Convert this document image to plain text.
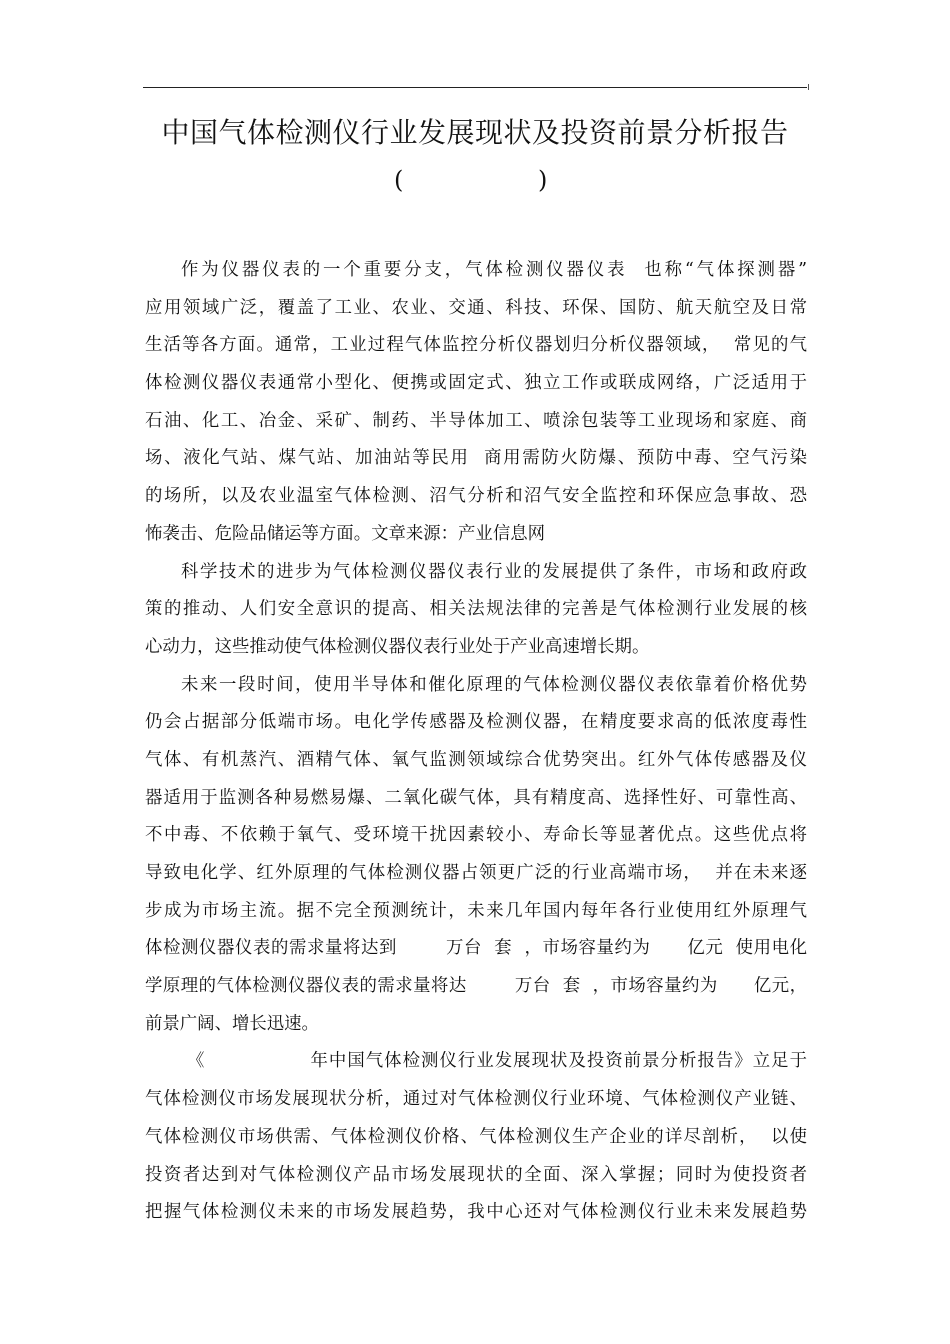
中国气体检测仪行业发展现状及投资前景分析报告
(	)
作为仪器仪表的一个重要分支，气体检测仪器仪表  也称“气体探测器”
应用领域广泛，覆盖了工业、农业、交通、科技、环保、国防、航天航空及日常
生活等各方面。通常，工业过程气体监控分析仪器划归分析仪器领域，  常见的气
体检测仪器仪表通常小型化、便携或固定式、独立工作或联成网络，广泛适用于
石油、化工、冶金、采矿、制药、半导体加工、喷涂包装等工业现场和家庭、商
场、液化气站、煤气站、加油站等民用  商用需防火防爆、预防中毒、空气污染
的场所，以及农业温室气体检测、沼气分析和沼气安全监控和环保应急事故、恐
怖袭击、危险品储运等方面。文章来源：产业信息网
科学技术的进步为气体检测仪器仪表行业的发展提供了条件，市场和政府政
策的推动、人们安全意识的提高、相关法规法律的完善是气体检测行业发展的核
心动力，这些推动使气体检测仪器仪表行业处于产业高速增长期。
未来一段时间，使用半导体和催化原理的气体检测仪器仪表依靠着价格优势
仍会占据部分低端市场。电化学传感器及检测仪器，在精度要求高的低浓度毒性
气体、有机蒸汽、酒精气体、氧气监测领域综合优势突出。红外气体传感器及仪
器适用于监测各种易燃易爆、二氧化碳气体，具有精度高、选择性好、可靠性高、
不中毒、不依赖于氧气、受环境干扰因素较小、寿命长等显著优点。这些优点将
导致电化学、红外原理的气体检测仪器占领更广泛的行业高端市场，  并在未来逐
步成为市场主流。据不完全预测统计，未来几年国内每年各行业使用红外原理气
体检测仪器仪表的需求量将达到        万台  套  ，市场容量约为      亿元  使用电化
学原理的气体检测仪器仪表的需求量将达        万台  套  ，市场容量约为      亿元，
前景广阔、增长迅速。
《                年中国气体检测仪行业发展现状及投资前景分析报告》立足于
气体检测仪市场发展现状分析，通过对气体检测仪行业环境、气体检测仪产业链、
气体检测仪市场供需、气体检测仪价格、气体检测仪生产企业的详尽剖析，  以使
投资者达到对气体检测仪产品市场发展现状的全面、深入掌握；同时为使投资者
把握气体检测仪未来的市场发展趋势，我中心还对气体检测仪行业未来发展趋势
